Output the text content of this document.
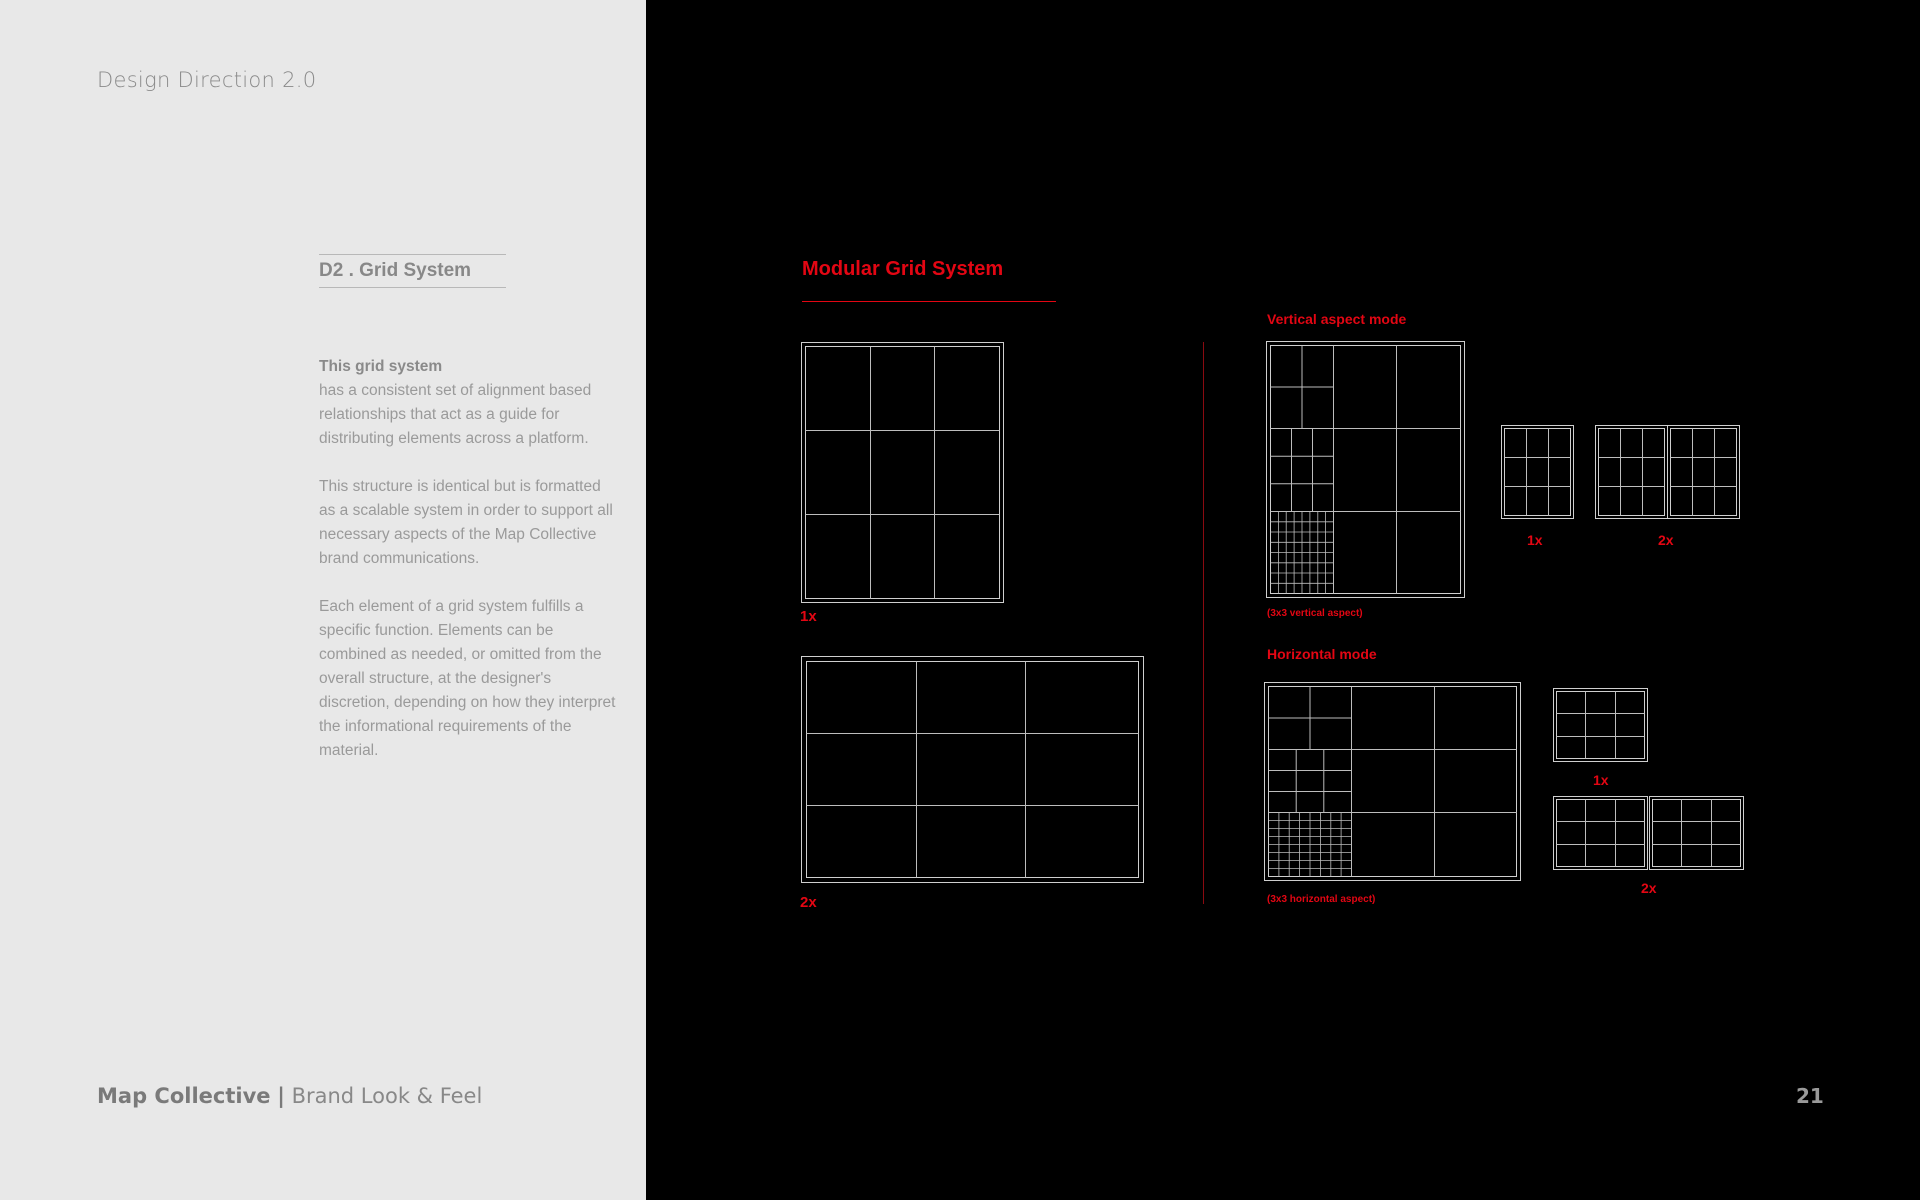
Design Direction 2.0
D2 . Grid System

This grid system
has a consistent set of alignment based relationships that act as a guide for distributing elements across a platform.

This structure is identical but is formatted as a scalable system in order to support all necessary aspects of the Map Collective brand communications.

Each element of a grid system fulfills a specific function. Elements can be combined as needed, or omitted from the overall structure, at the designer's discretion, depending on how they interpret the informational requirements of the material.

Map Collective | Brand Look & Feel
Modular Grid System
1x
2x
Vertical aspect mode
(3x3 vertical aspect)
1x	2x
Horizontal mode
(3x3 horizontal aspect)
1x
2x
21
